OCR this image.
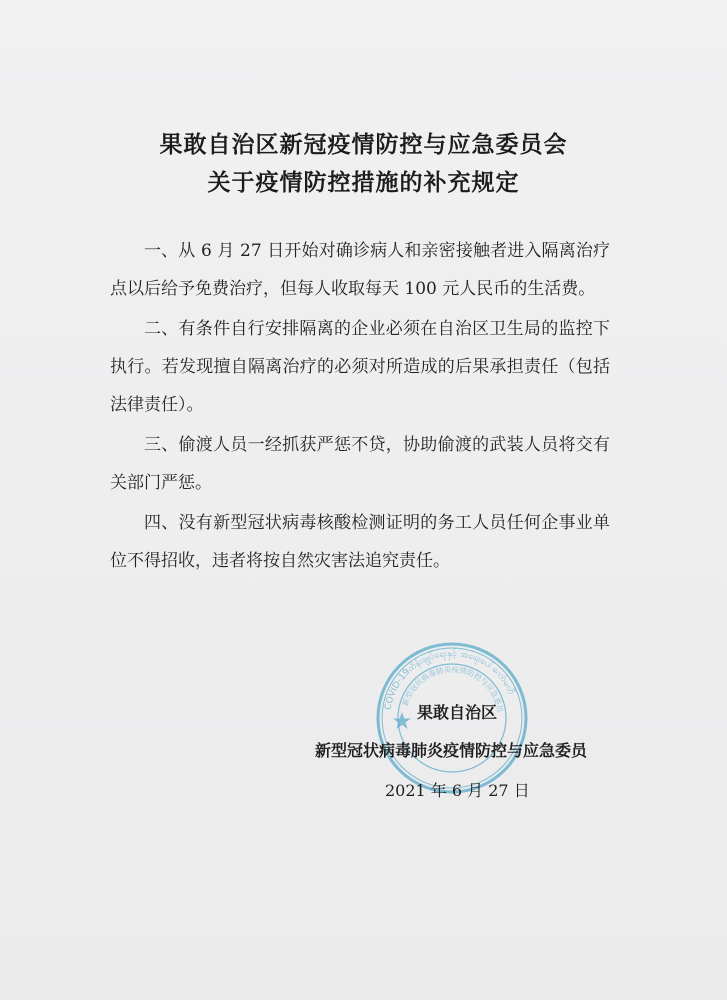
果敢自治区新冠疫情防控与应急委员会
关于疫情防控措施的补充规定

一、从 6 月 27 日开始对确诊病人和亲密接触者进入隔离治疗点以后给予免费治疗，但每人收取每天 100 元人民币的生活费。

二、有条件自行安排隔离的企业必须在自治区卫生局的监控下执行。若发现擅自隔离治疗的必须对所造成的后果承担责任（包括法律责任）。

三、偷渡人员一经抓获严惩不贷，协助偷渡的武装人员将交有关部门严惩。

四、没有新型冠状病毒核酸检测证明的务工人员任何企事业单位不得招收，违者将按自然灾害法追究责任。

COVID-19ထိန်းချုပ်ရေးနှင့် အရေးပေါ်ကော်မတီ
新型冠状病毒肺炎疫情防控与应急委员
果敢自治区
新型冠状病毒肺炎疫情防控与应急委员
2021 年 6 月 27 日
